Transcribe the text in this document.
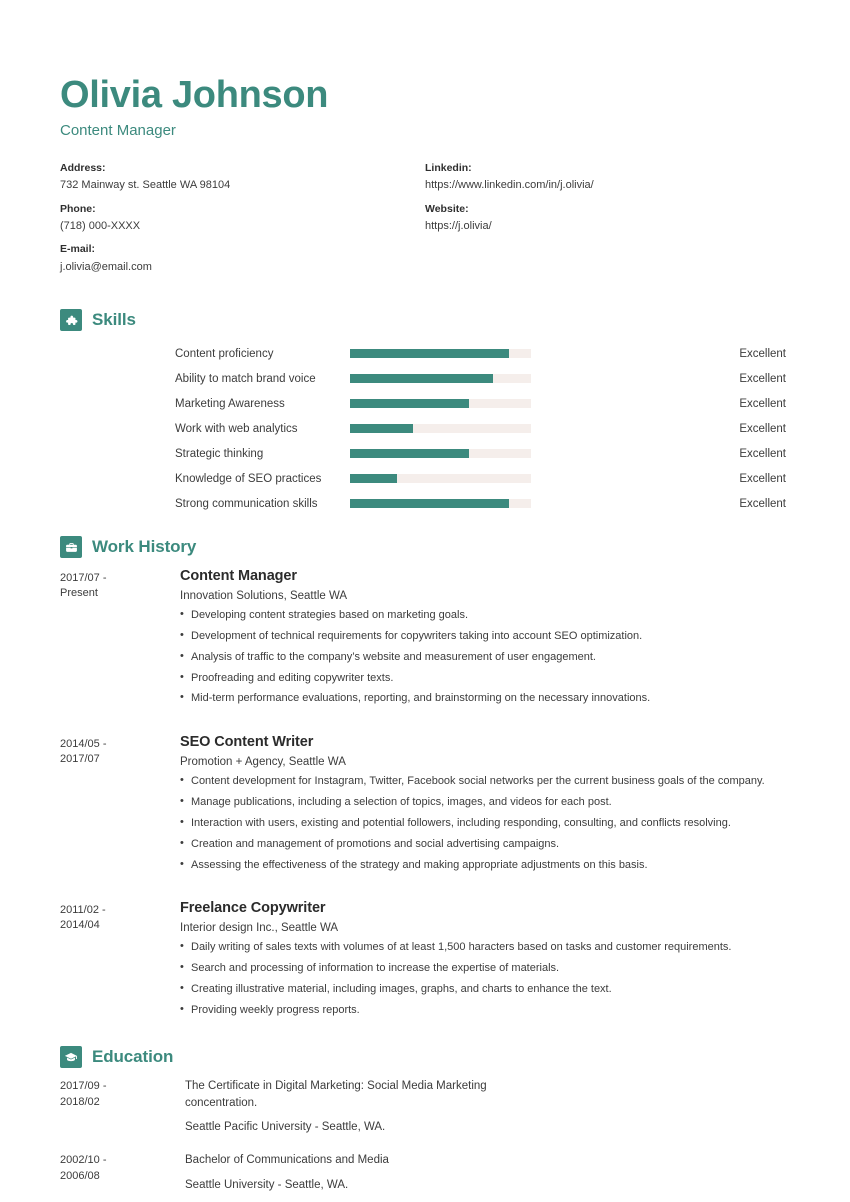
Olivia Johnson
Content Manager
Address:
732 Mainway st. Seattle WA 98104
Phone:
(718) 000-XXXX
E-mail:
j.olivia@email.com
Linkedin:
https://www.linkedin.com/in/j.olivia/
Website:
https://j.olivia/
Skills
Content proficiency	Excellent
Ability to match brand voice	Excellent
Marketing Awareness	Excellent
Work with web analytics	Excellent
Strategic thinking	Excellent
Knowledge of SEO practices	Excellent
Strong communication skills	Excellent
Work History
2017/07 -
Present
Content Manager
Innovation Solutions, Seattle WA
• Developing content strategies based on marketing goals.
• Development of technical requirements for copywriters taking into account SEO optimization.
• Analysis of traffic to the company’s website and measurement of user engagement.
• Proofreading and editing copywriter texts.
• Mid-term performance evaluations, reporting, and brainstorming on the necessary innovations.
2014/05 -
2017/07
SEO Content Writer
Promotion + Agency, Seattle WA
• Content development for Instagram, Twitter, Facebook social networks per the current business goals of the company.
• Manage publications, including a selection of topics, images, and videos for each post.
• Interaction with users, existing and potential followers, including responding, consulting, and conflicts resolving.
• Creation and management of promotions and social advertising campaigns.
• Assessing the effectiveness of the strategy and making appropriate adjustments on this basis.
2011/02 -
2014/04
Freelance Copywriter
Interior design Inc., Seattle WA
• Daily writing of sales texts with volumes of at least 1,500 haracters based on tasks and customer requirements.
• Search and processing of information to increase the expertise of materials.
• Creating illustrative material, including images, graphs, and charts to enhance the text.
• Providing weekly progress reports.
Education
2017/09 -
2018/02
The Certificate in Digital Marketing: Social Media Marketing concentration.
Seattle Pacific University - Seattle, WA.
2002/10 -
2006/08
Bachelor of Communications and Media
Seattle University - Seattle, WA.
